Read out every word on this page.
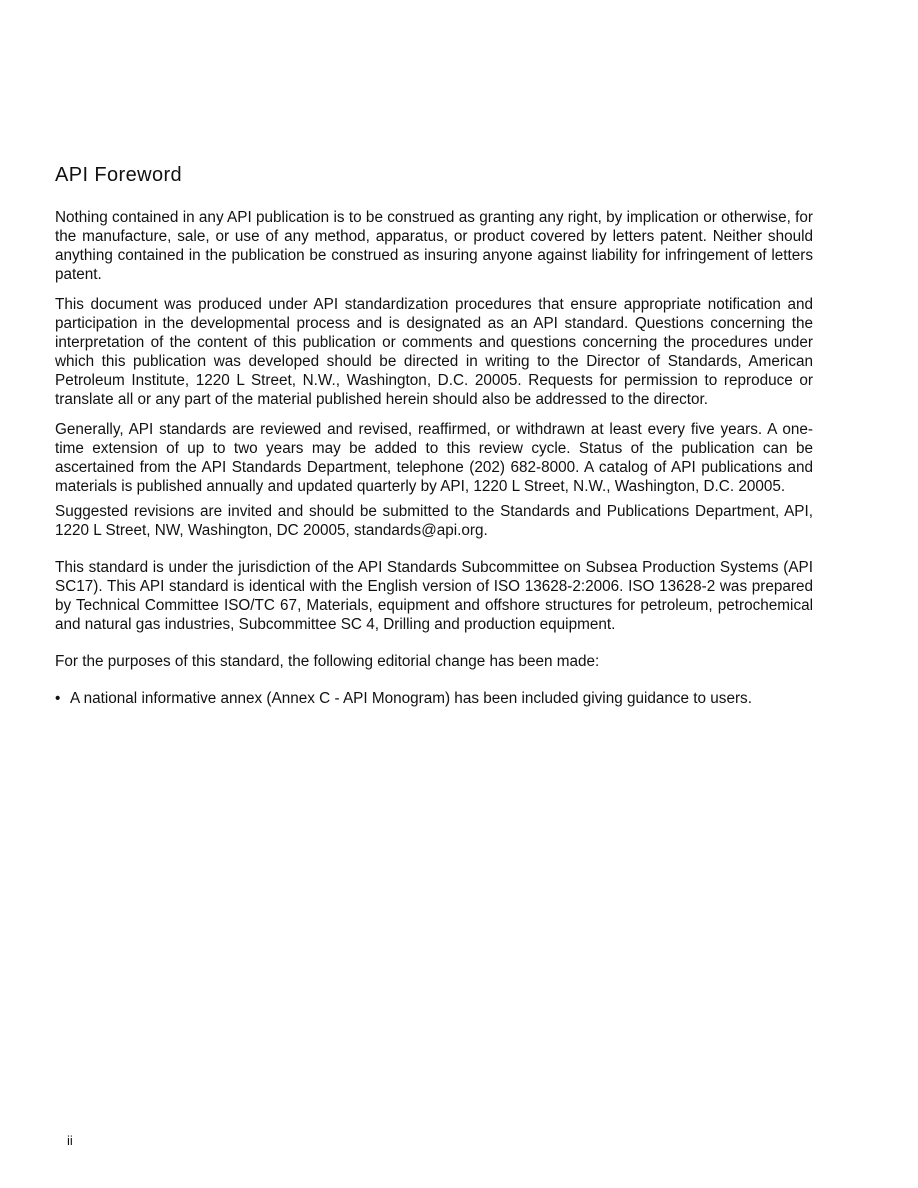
API Foreword

Nothing contained in any API publication is to be construed as granting any right, by implication or otherwise, for the manufacture, sale, or use of any method, apparatus, or product covered by letters patent. Neither should anything contained in the publication be construed as insuring anyone against liability for infringement of letters patent.

This document was produced under API standardization procedures that ensure appropriate notification and participation in the developmental process and is designated as an API standard. Questions concerning the interpretation of the content of this publication or comments and questions concerning the procedures under which this publication was developed should be directed in writing to the Director of Standards, American Petroleum Institute, 1220 L Street, N.W., Washington, D.C. 20005. Requests for permission to reproduce or translate all or any part of the material published herein should also be addressed to the director.

Generally, API standards are reviewed and revised, reaffirmed, or withdrawn at least every five years. A one-time extension of up to two years may be added to this review cycle. Status of the publication can be ascertained from the API Standards Department, telephone (202) 682-8000. A catalog of API publications and materials is published annually and updated quarterly by API, 1220 L Street, N.W., Washington, D.C. 20005.

Suggested revisions are invited and should be submitted to the Standards and Publications Department, API, 1220 L Street, NW, Washington, DC 20005, standards@api.org.

This standard is under the jurisdiction of the API Standards Subcommittee on Subsea Production Systems (API SC17). This API standard is identical with the English version of ISO 13628-2:2006. ISO 13628-2 was prepared by Technical Committee ISO/TC 67, Materials, equipment and offshore structures for petroleum, petrochemical and natural gas industries, Subcommittee SC 4, Drilling and production equipment.

For the purposes of this standard, the following editorial change has been made:

• A national informative annex (Annex C - API Monogram) has been included giving guidance to users.
ii
